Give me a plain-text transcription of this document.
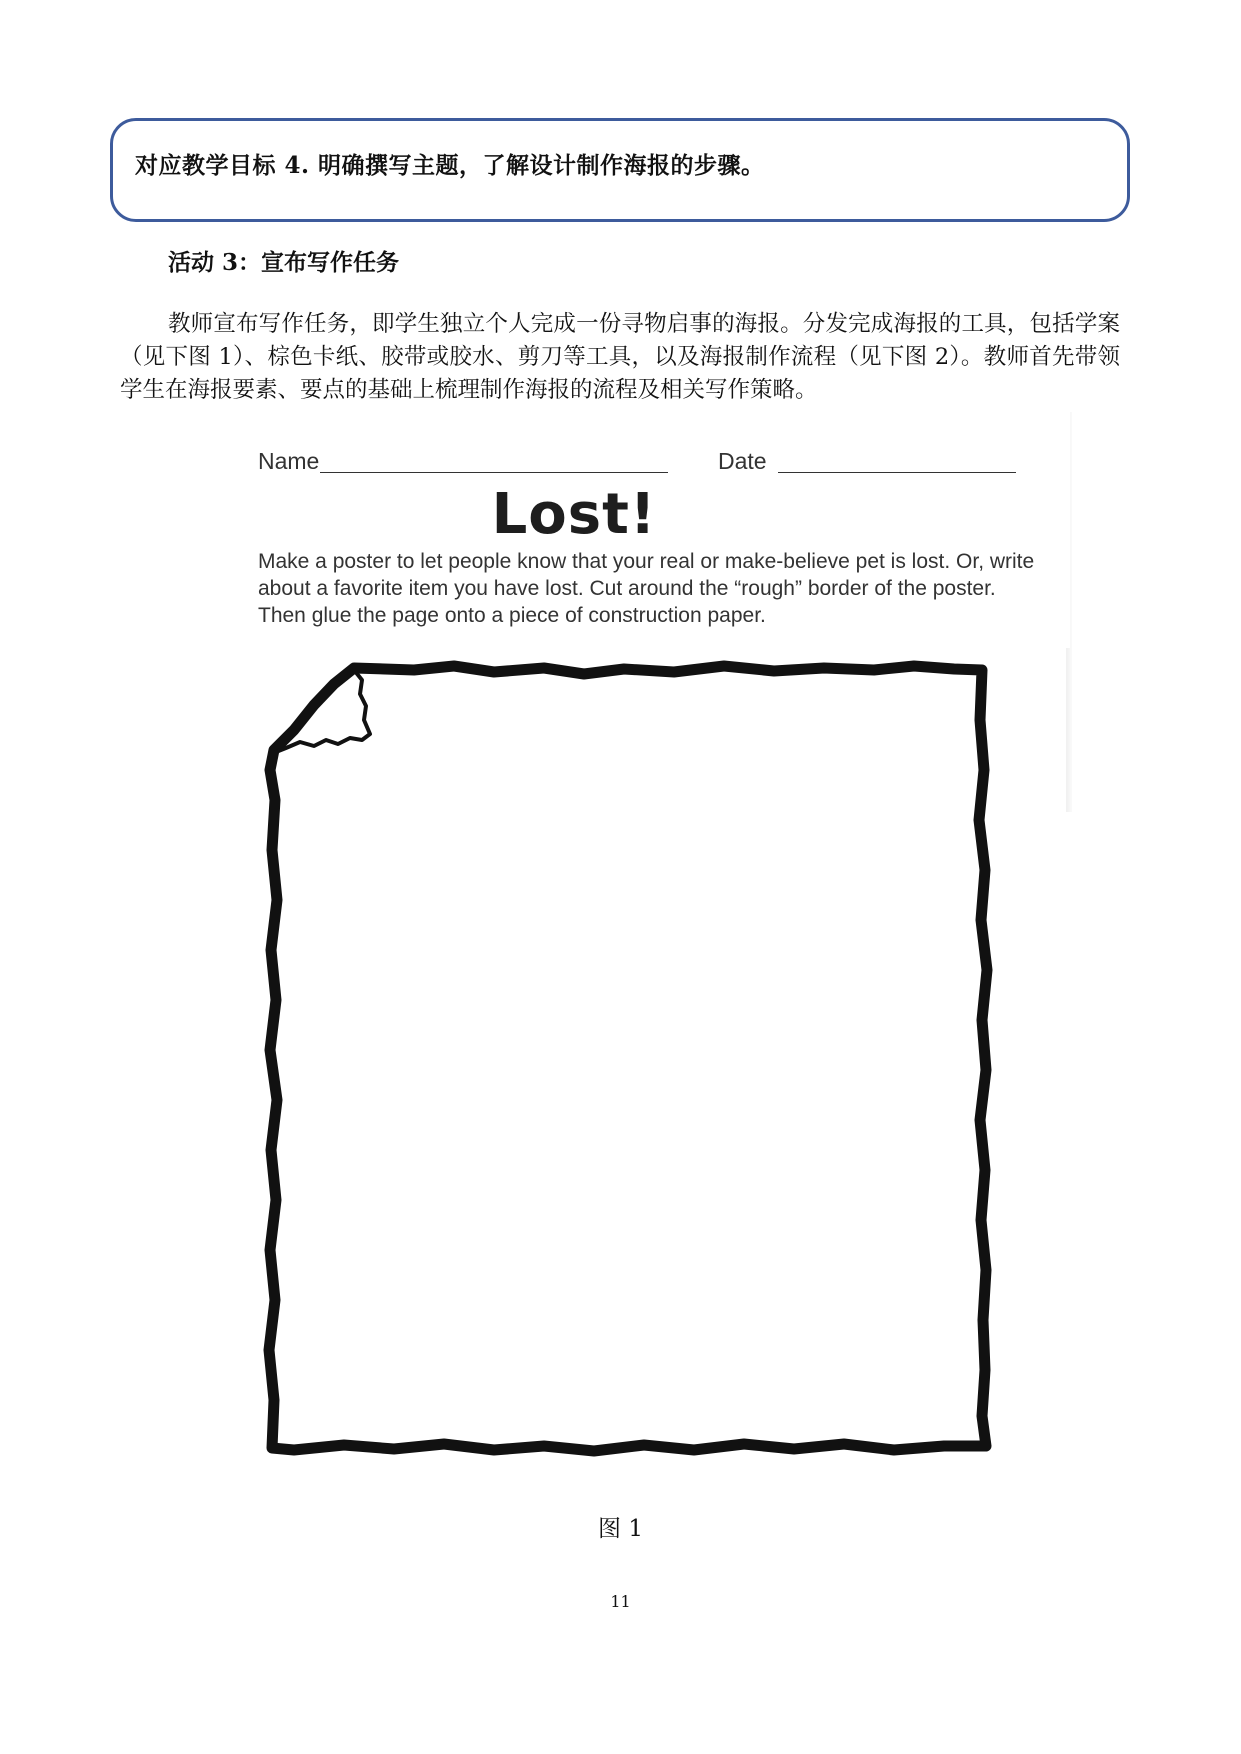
对应教学目标 4. 明确撰写主题，了解设计制作海报的步骤。
活动 3：宣布写作任务
教师宣布写作任务，即学生独立个人完成一份寻物启事的海报。分发完成海报的工具，包括学案（见下图 1）、棕色卡纸、胶带或胶水、剪刀等工具，以及海报制作流程（见下图 2）。教师首先带领学生在海报要素、要点的基础上梳理制作海报的流程及相关写作策略。
Name	Date
Lost!
Make a poster to let people know that your real or make-believe pet is lost. Or, write about a favorite item you have lost. Cut around the “rough” border of the poster. Then glue the page onto a piece of construction paper.
图 1
11
